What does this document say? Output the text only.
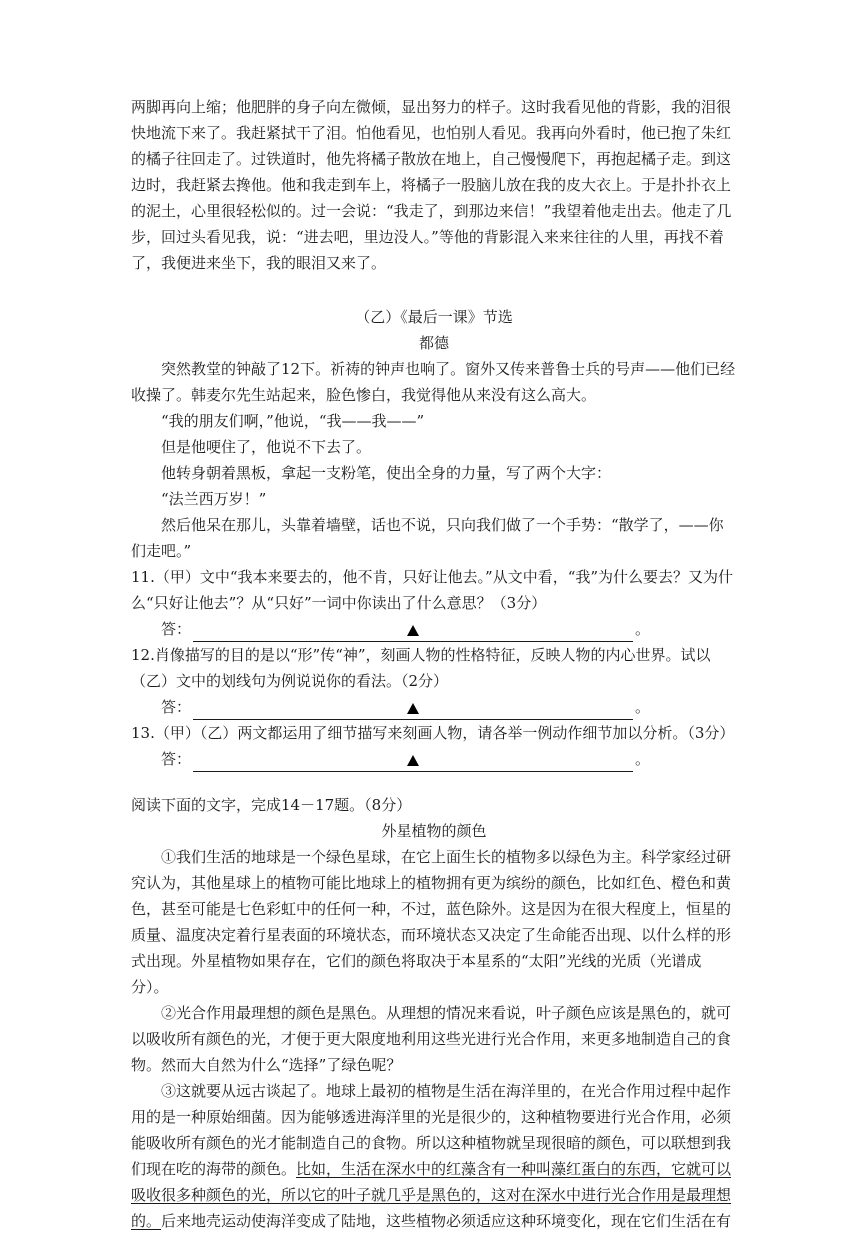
两脚再向上缩；他肥胖的身子向左微倾，显出努力的样子。这时我看见他的背影，我的泪很快地流下来了。我赶紧拭干了泪。怕他看见，也怕别人看见。我再向外看时，他已抱了朱红的橘子往回走了。过铁道时，他先将橘子散放在地上，自己慢慢爬下，再抱起橘子走。到这边时，我赶紧去搀他。他和我走到车上，将橘子一股脑儿放在我的皮大衣上。于是扑扑衣上的泥土，心里很轻松似的。过一会说：“我走了，到那边来信！”我望着他走出去。他走了几步，回过头看见我，说：“进去吧，里边没人。”等他的背影混入来来往往的人里，再找不着了，我便进来坐下，我的眼泪又来了。

（乙）《最后一课》节选

都德

突然教堂的钟敲了12下。祈祷的钟声也响了。窗外又传来普鲁士兵的号声——他们已经收操了。韩麦尔先生站起来，脸色惨白，我觉得他从来没有这么高大。

“我的朋友们啊，”他说，“我——我——”

但是他哽住了，他说不下去了。

他转身朝着黑板，拿起一支粉笔，使出全身的力量，写了两个大字：

“法兰西万岁！”

然后他呆在那儿，头靠着墙壁，话也不说，只向我们做了一个手势：“散学了，——你们走吧。”

11.（甲）文中“我本来要去的，他不肯，只好让他去。”从文中看，“我”为什么要去？又为什么“只好让他去”？从“只好”一词中你读出了什么意思？（3分）

答：	。

12.肖像描写的目的是以“形”传“神”，刻画人物的性格特征，反映人物的内心世界。试以（乙）文中的划线句为例说说你的看法。（2分）

答：	。

13.（甲）（乙）两文都运用了细节描写来刻画人物，请各举一例动作细节加以分析。（3分）

答：	。

阅读下面的文字，完成14－17题。（8分）

外星植物的颜色

①我们生活的地球是一个绿色星球，在它上面生长的植物多以绿色为主。科学家经过研究认为，其他星球上的植物可能比地球上的植物拥有更为缤纷的颜色，比如红色、橙色和黄色，甚至可能是七色彩虹中的任何一种，不过，蓝色除外。这是因为在很大程度上，恒星的质量、温度决定着行星表面的环境状态，而环境状态又决定了生命能否出现、以什么样的形式出现。外星植物如果存在，它们的颜色将取决于本星系的“太阳”光线的光质（光谱成分）。

②光合作用最理想的颜色是黑色。从理想的情况来看说，叶子颜色应该是黑色的，就可以吸收所有颜色的光，才便于更大限度地利用这些光进行光合作用，来更多地制造自己的食物。然而大自然为什么“选择”了绿色呢？

③这就要从远古谈起了。地球上最初的植物是生活在海洋里的，在光合作用过程中起作用的是一种原始细菌。因为能够透进海洋里的光是很少的，这种植物要进行光合作用，必须能吸收所有颜色的光才能制造自己的食物。所以这种植物就呈现很暗的颜色，可以联想到我们现在吃的海带的颜色。比如，生活在深水中的红藻含有一种叫藻红蛋白的东西，它就可以吸收很多种颜色的光，所以它的叶子就几乎是黑色的，这对在深水中进行光合作用是最理想的。后来地壳运动使海洋变成了陆地，这些植物必须适应这种环境变化，现在它们生活在有
